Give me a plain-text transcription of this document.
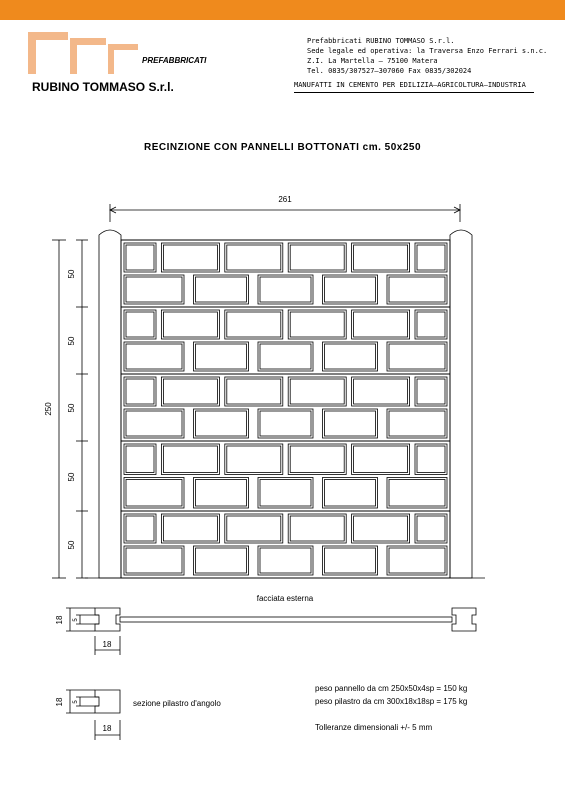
PREFABBRICATI
RUBINO TOMMASO S.r.l.
Prefabbricati RUBINO TOMMASO S.r.l.
Sede legale ed operativa: la Traversa Enzo Ferrari s.n.c.
Z.I. La Martella — 75100 Matera
Tel. 0835/307527–307060 Fax 0835/302024
MANUFATTI IN CEMENTO PER EDILIZIA—AGRICOLTURA—INDUSTRIA
RECINZIONE CON PANNELLI BOTTONATI cm. 50x250
261
250
50
50
50
50
50
facciata esterna
18 5
18
18 5
18
sezione pilastro d'angolo
peso pannello da cm 250x50x4sp = 150 kg
peso pilastro da cm 300x18x18sp = 175 kg
Tolleranze dimensionali +/- 5 mm
